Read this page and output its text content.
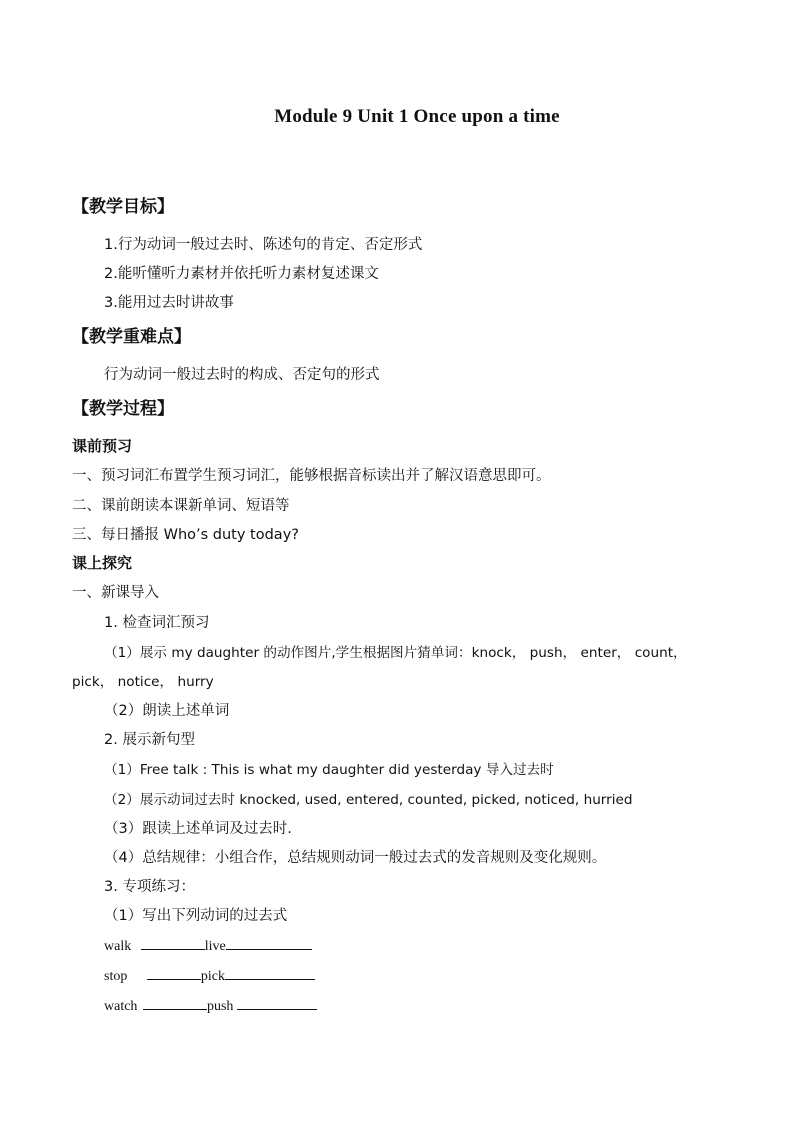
Module 9 Unit 1 Once upon a time
【教学目标】
1.行为动词一般过去时、陈述句的肯定、否定形式
2.能听懂听力素材并依托听力素材复述课文
3.能用过去时讲故事
【教学重难点】
行为动词一般过去时的构成、否定句的形式
【教学过程】
课前预习
一、预习词汇布置学生预习词汇，能够根据音标读出并了解汉语意思即可。
二、课前朗读本课新单词、短语等
三、每日播报 Who’s duty today?
课上探究
一、新课导入
1. 检查词汇预习
（1）展示 my daughter 的动作图片,学生根据图片猜单词：knock， push， enter， count，
pick， notice， hurry
（2）朗读上述单词
2. 展示新句型
（1）Free talk : This is what my daughter did yesterday 导入过去时
（2）展示动词过去时 knocked, used, entered, counted, picked, noticed, hurried
（3）跟读上述单词及过去时.
（4）总结规律：小组合作，总结规则动词一般过去式的发音规则及变化规则。
3. 专项练习：
（1）写出下列动词的过去式
walk	live
stop	pick
watch	push
